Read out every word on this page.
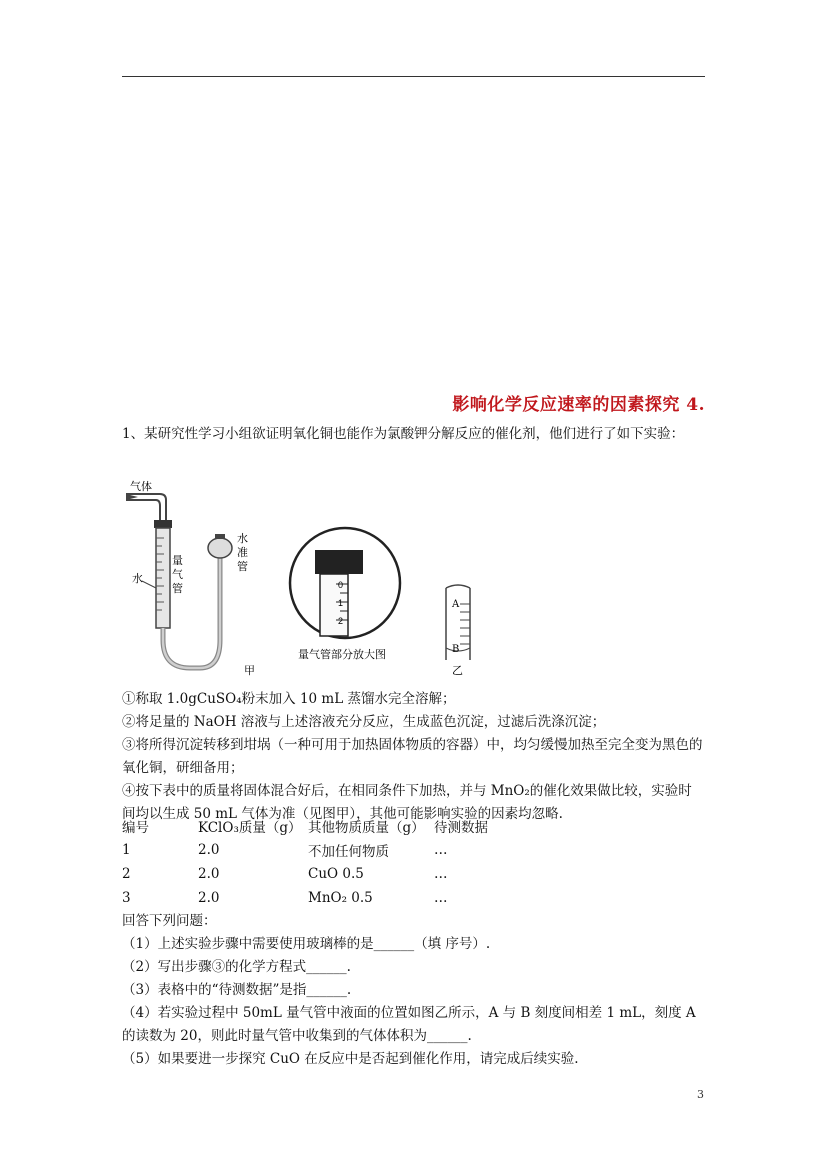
影响化学反应速率的因素探究 4.
1、某研究性学习小组欲证明氧化铜也能作为氯酸钾分解反应的催化剂，他们进行了如下实验：
气体
水
量气管
水准管
0
1
2
量气管部分放大图
甲
A
B
乙
①称取 1.0gCuSO₄粉末加入 10 mL 蒸馏水完全溶解；
②将足量的 NaOH 溶液与上述溶液充分反应，生成蓝色沉淀，过滤后洗涤沉淀；
③将所得沉淀转移到坩埚（一种可用于加热固体物质的容器）中，均匀缓慢加热至完全变为黑色的氧化铜，研细备用；
④按下表中的质量将固体混合好后，在相同条件下加热，并与 MnO₂的催化效果做比较，实验时间均以生成 50 mL 气体为准（见图甲），其他可能影响实验的因素均忽略.
编号	KClO₃质量（g）	其他物质质量（g）	待测数据
1	2.0	不加任何物质	…
2	2.0	CuO 0.5	…
3	2.0	MnO₂ 0.5	…
回答下列问题：
（1）上述实验步骤中需要使用玻璃棒的是______（填 序号）.
（2）写出步骤③的化学方程式______.
（3）表格中的“待测数据”是指______.
（4）若实验过程中 50mL 量气管中液面的位置如图乙所示，A 与 B 刻度间相差 1 mL，刻度 A 的读数为 20，则此时量气管中收集到的气体体积为______.
（5）如果要进一步探究 CuO 在反应中是否起到催化作用，请完成后续实验.
3
